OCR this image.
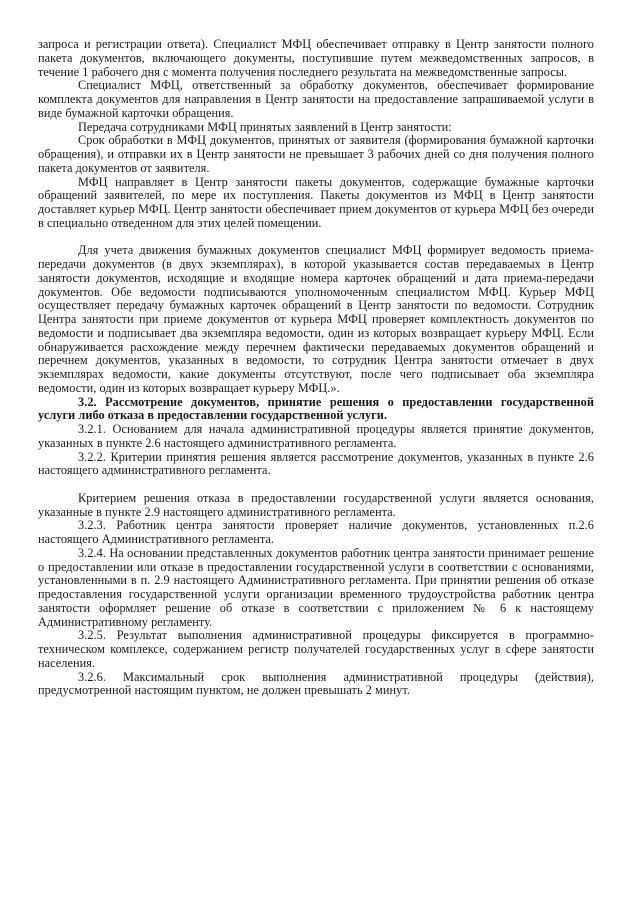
запроса и регистрации ответа). Специалист МФЦ обеспечивает отправку в Центр занятости полного пакета документов, включающего документы, поступившие путем межведомственных запросов, в течение 1 рабочего дня с момента получения последнего результата на межведомственные запросы.

Специалист МФЦ, ответственный за обработку документов, обеспечивает формирование комплекта документов для направления в Центр занятости на предоставление запрашиваемой услуги в виде бумажной карточки обращения.

Передача сотрудниками МФЦ принятых заявлений в Центр занятости:

Срок обработки в МФЦ документов, принятых от заявителя (формирования бумажной карточки обращения), и отправки их в Центр занятости не превышает 3 рабочих дней со дня получения полного пакета документов от заявителя.

МФЦ направляет в Центр занятости пакеты документов, содержащие бумажные карточки обращений заявителей, по мере их поступления. Пакеты документов из МФЦ в Центр занятости доставляет курьер МФЦ. Центр занятости обеспечивает прием документов от курьера МФЦ без очереди в специально отведенном для этих целей помещении.

Для учета движения бумажных документов специалист МФЦ формирует ведомость приема-передачи документов (в двух экземплярах), в которой указывается состав передаваемых в Центр занятости документов, исходящие и входящие номера карточек обращений и дата приема-передачи документов. Обе ведомости подписываются уполномоченным специалистом МФЦ. Курьер МФЦ осуществляет передачу бумажных карточек обращений в Центр занятости по ведомости. Сотрудник Центра занятости при приеме документов от курьера МФЦ проверяет комплектность документов по ведомости и подписывает два экземпляра ведомости, один из которых возвращает курьеру МФЦ. Если обнаруживается расхождение между перечнем фактически передаваемых документов обращений и перечнем документов, указанных в ведомости, то сотрудник Центра занятости отмечает в двух экземплярах ведомости, какие документы отсутствуют, после чего подписывает оба экземпляра ведомости, один из которых возвращает курьеру МФЦ.».

3.2. Рассмотрение документов, принятие решения о предоставлении государственной услуги либо отказа в предоставлении государственной услуги.

3.2.1. Основанием для начала административной процедуры является принятие документов, указанных в пункте 2.6 настоящего административного регламента.

3.2.2. Критерии принятия решения является рассмотрение документов, указанных в пункте 2.6 настоящего административного регламента.

Критерием решения отказа в предоставлении государственной услуги является основания, указанные в пункте 2.9 настоящего административного регламента.

3.2.3. Работник центра занятости проверяет наличие документов, установленных п.2.6 настоящего Административного регламента.

3.2.4. На основании представленных документов работник центра занятости принимает решение о предоставлении или отказе в предоставлении государственной услуги в соответствии с основаниями, установленными в п. 2.9 настоящего Административного регламента. При принятии решения об отказе предоставления государственной услуги организации временного трудоустройства работник центра занятости оформляет решение об отказе в соответствии с приложением № 6 к настоящему Административному регламенту.

3.2.5. Результат выполнения административной процедуры фиксируется в программно-техническом комплексе, содержанием регистр получателей государственных услуг в сфере занятости населения.

3.2.6. Максимальный срок выполнения административной процедуры (действия), предусмотренной настоящим пунктом, не должен превышать 2 минут.
